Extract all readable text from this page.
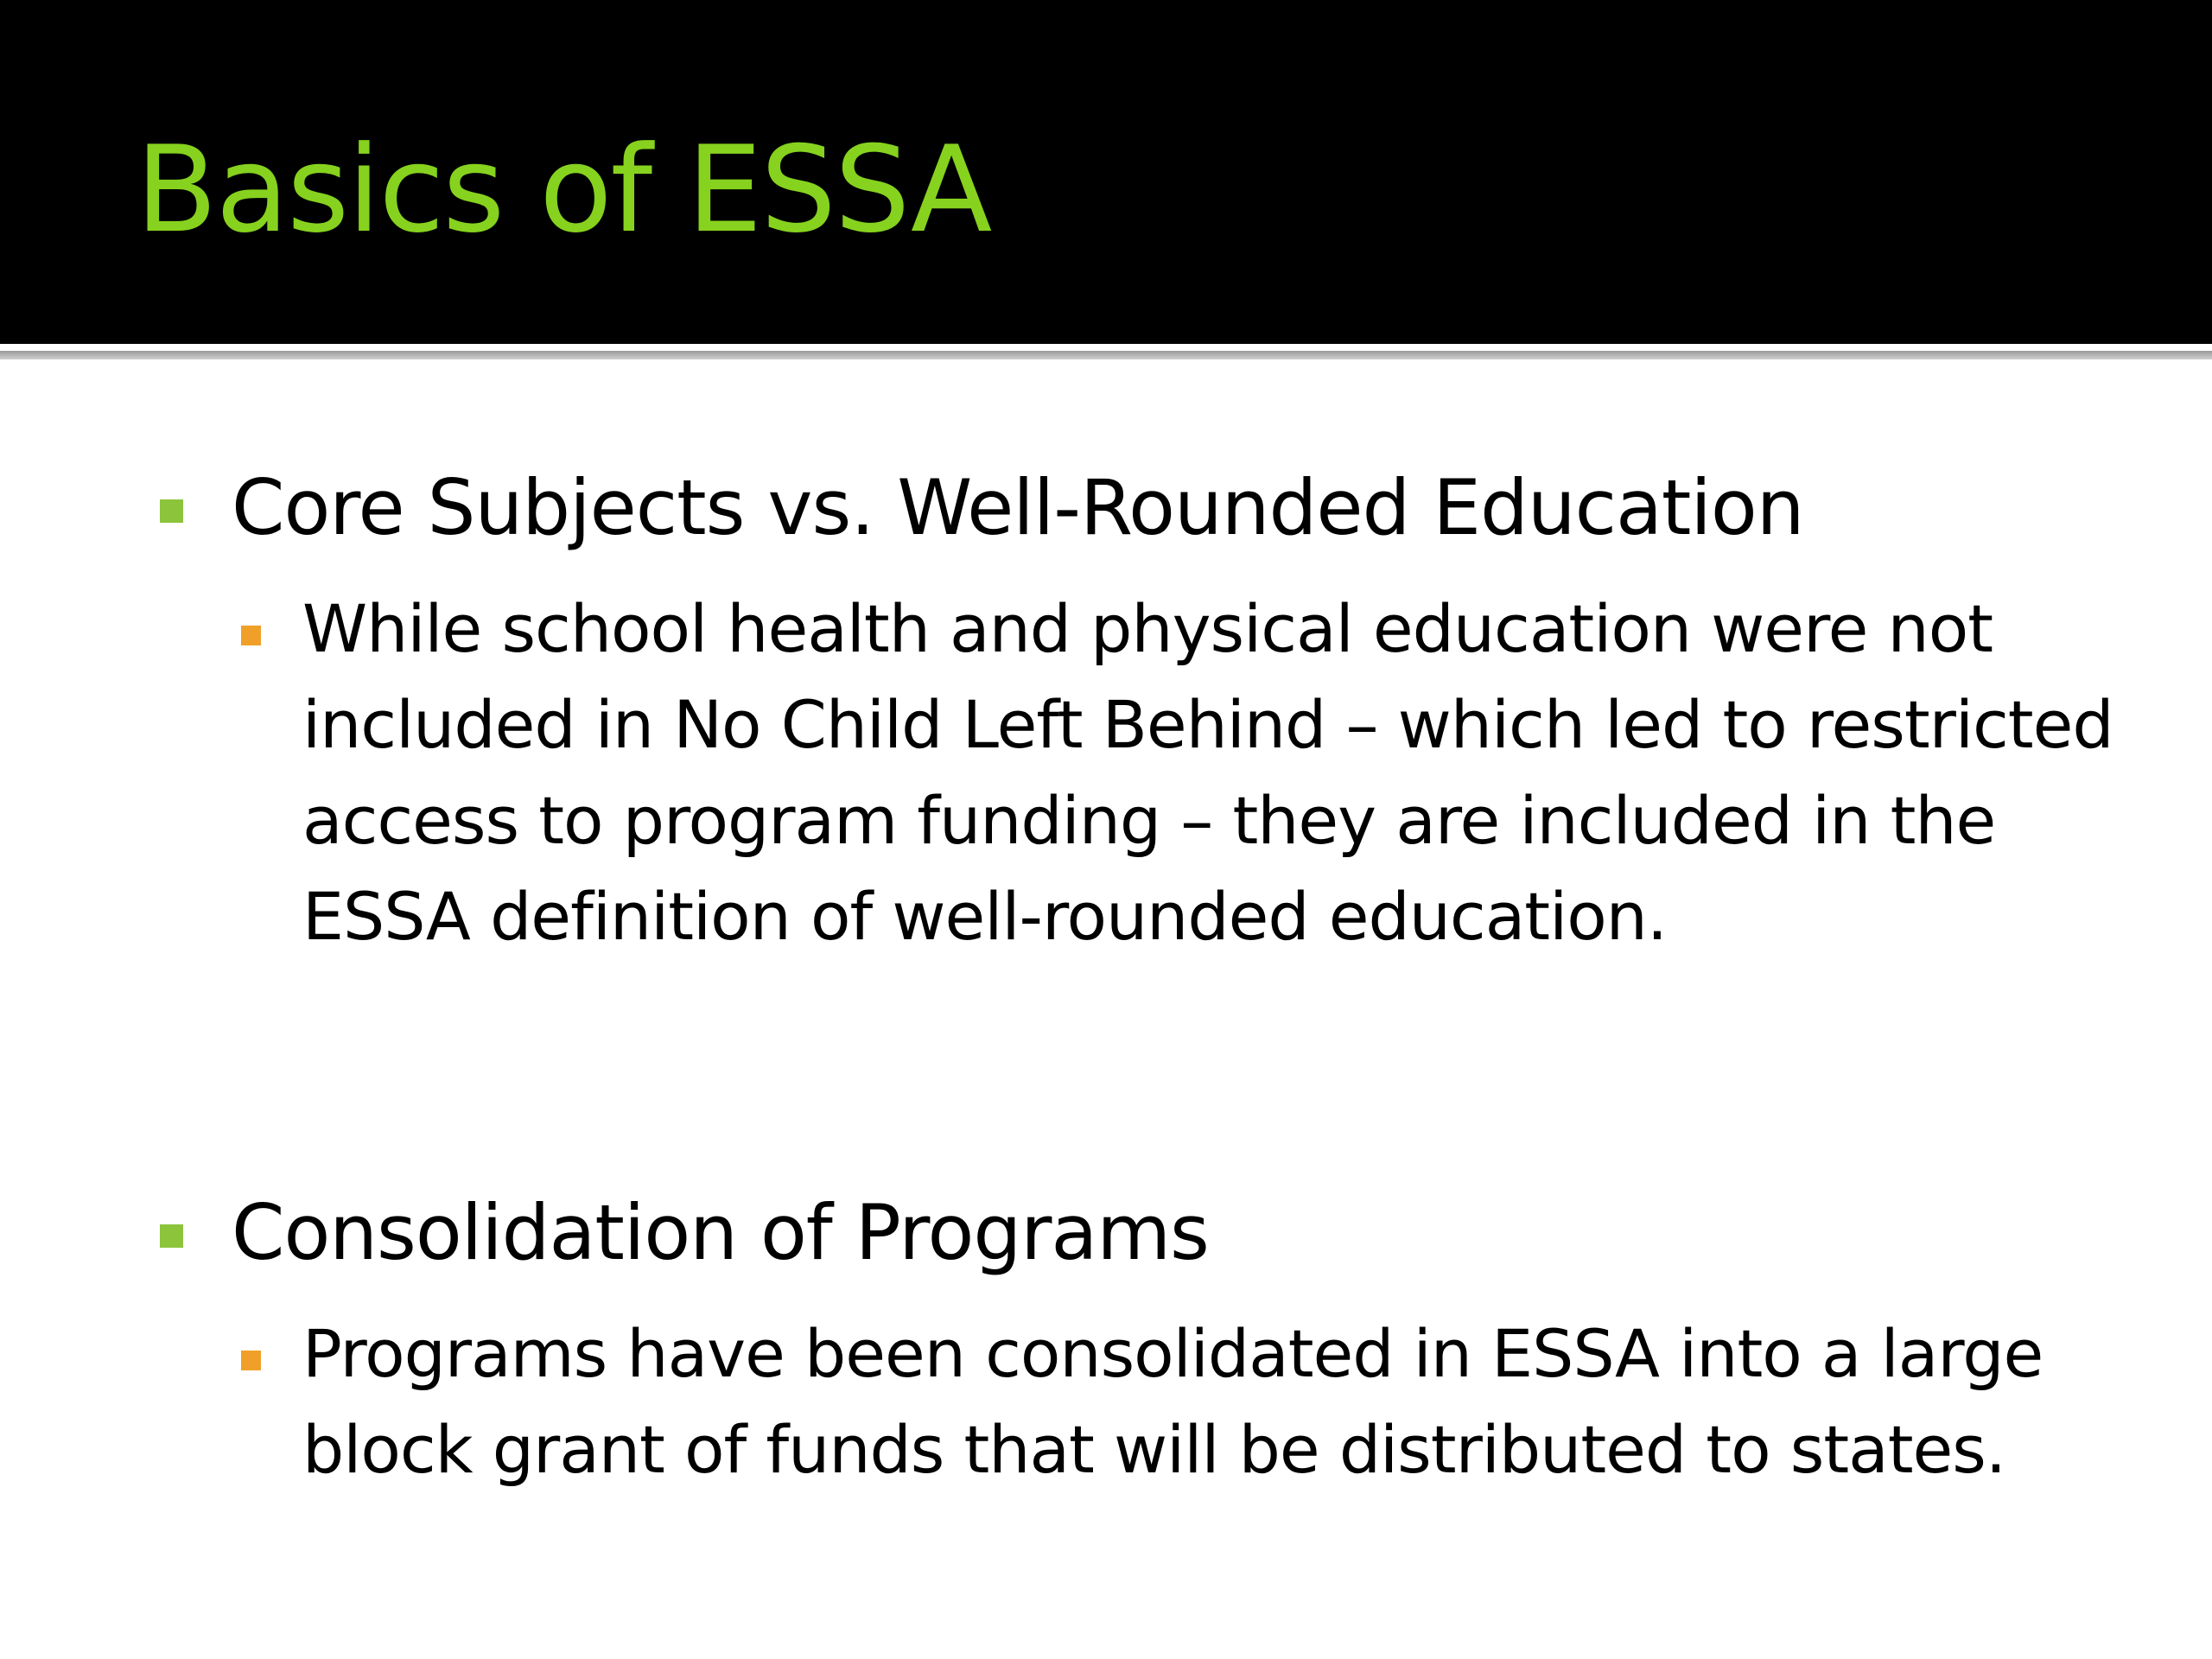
Basics of ESSA

Core Subjects vs. Well-Rounded Education

While school health and physical education were not included in No Child Left Behind – which led to restricted access to program funding – they are included in the ESSA definition of well-rounded education.

Consolidation of Programs

Programs have been consolidated in ESSA into a large block grant of funds that will be distributed to states.
